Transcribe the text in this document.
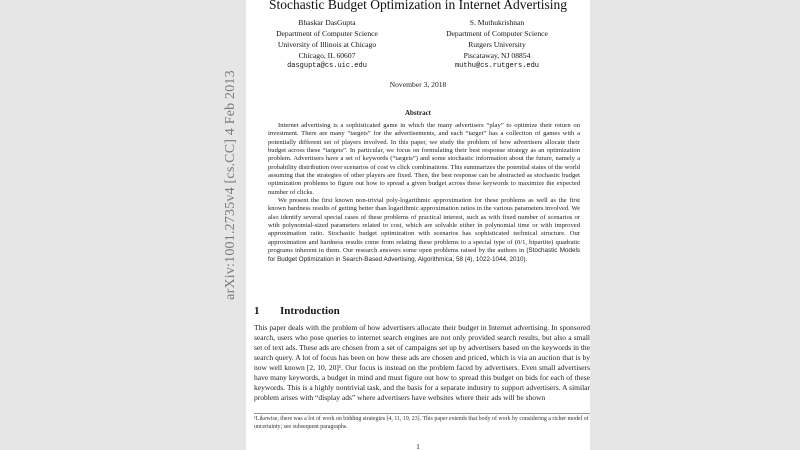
arXiv:1001.2735v4 [cs.CC] 4 Feb 2013
Stochastic Budget Optimization in Internet Advertising
Bhaskar DasGupta
Department of Computer Science
University of Illinois at Chicago
Chicago, IL 60607
dasgupta@cs.uic.edu
S. Muthukrishnan
Department of Computer Science
Rutgers University
Piscataway, NJ 08854
muthu@cs.rutgers.edu
November 3, 2018
Abstract

Internet advertising is a sophisticated game in which the many advertisers “play” to optimize their return on investment. There are many “targets” for the advertisements, and each “target” has a collection of games with a potentially different set of players involved. In this paper, we study the problem of how advertisers allocate their budget across these “targets”. In particular, we focus on formulating their best response strategy as an optimization problem. Advertisers have a set of keywords (“targets”) and some stochastic information about the future, namely a probability distribution over scenarios of cost vs click combinations. This summarizes the potential states of the world assuming that the strategies of other players are fixed. Then, the best response can be abstracted as stochastic budget optimization problems to figure out how to spread a given budget across these keywords to maximize the expected number of clicks.

We present the first known non-trivial poly-logarithmic approximation for these problems as well as the first known hardness results of getting better than logarithmic approximation ratios in the various parameters involved. We also identify several special cases of these problems of practical interest, such as with fixed number of scenarios or with polynomial-sized parameters related to cost, which are solvable either in polynomial time or with improved approximation ratio. Stochastic budget optimization with scenarios has sophisticated technical structure. Our approximation and hardness results come from relating these problems to a special type of (0/1, bipartite) quadratic programs inherent in them. Our research answers some open problems raised by the authors in (Stochastic Models for Budget Optimization in Search-Based Advertising, Algorithmica, 58 (4), 1022-1044, 2010).

1 Introduction

This paper deals with the problem of how advertisers allocate their budget in Internet advertising. In sponsored search, users who pose queries to internet search engines are not only provided search results, but also a small set of text ads. These ads are chosen from a set of campaigns set up by advertisers based on the keywords in the search query. A lot of focus has been on how these ads are chosen and priced, which is via an auction that is by now well known [2, 10, 20]¹. Our focus is instead on the problem faced by advertisers. Even small advertisers have many keywords, a budget in mind and must figure out how to spread this budget on bids for each of these keywords. This is a highly nontrivial task, and the basis for a separate industry to support advertisers. A similar problem arises with “display ads” where advertisers have websites where their ads will be shown

¹Likewise, there was a lot of work on bidding strategies [4, 11, 19, 23]. This paper extends that body of work by considering a richer model of uncertainty; see subsequent paragraphs.
1
